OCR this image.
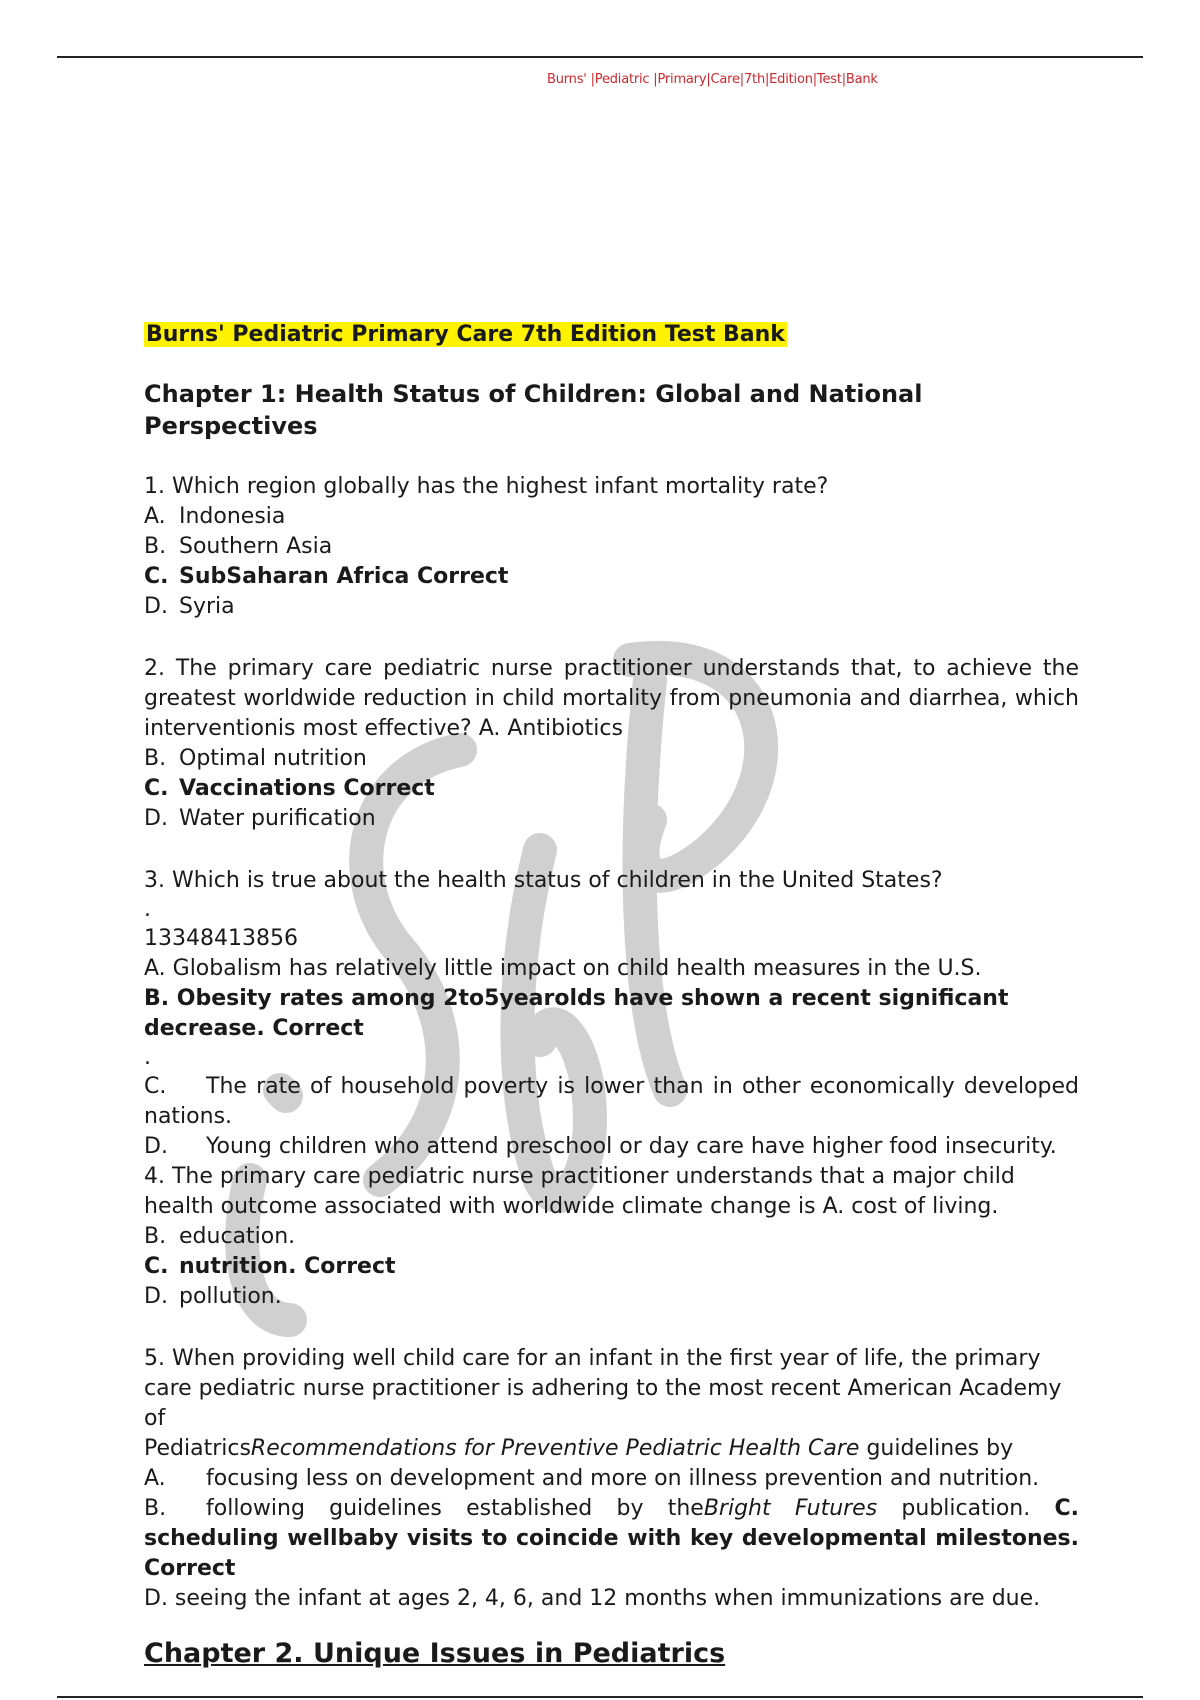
Burns' |Pediatric |Primary|Care|7th|Edition|Test|Bank

Burns' Pediatric Primary Care 7th Edition Test Bank

Chapter 1: Health Status of Children: Global and National Perspectives

1. Which region globally has the highest infant mortality rate?

A. Indonesia

B. Southern Asia

C. SubSaharan Africa Correct

D. Syria

2. The primary care pediatric nurse practitioner understands that, to achieve the greatest worldwide reduction in child mortality from pneumonia and diarrhea, which interventionis most effective? A. Antibiotics

B. Optimal nutrition

C. Vaccinations Correct

D. Water purification

3. Which is true about the health status of children in the United States?

.

13348413856

A. Globalism has relatively little impact on child health measures in the U.S.

B. Obesity rates among 2to5yearolds have shown a recent significant decrease. Correct

.

C. The rate of household poverty is lower than in other economically developed nations.

D. Young children who attend preschool or day care have higher food insecurity.

4. The primary care pediatric nurse practitioner understands that a major child health outcome associated with worldwide climate change is A. cost of living.

B. education.

C. nutrition. Correct

D. pollution.

5. When providing well child care for an infant in the first year of life, the primary care pediatric nurse practitioner is adhering to the most recent American Academy of
PediatricsRecommendations for Preventive Pediatric Health Care guidelines by

A. focusing less on development and more on illness prevention and nutrition.

B. following guidelines established by theBright Futures publication. C. scheduling wellbaby visits to coincide with key developmental milestones. Correct

D. seeing the infant at ages 2, 4, 6, and 12 months when immunizations are due.

Chapter 2. Unique Issues in Pediatrics
